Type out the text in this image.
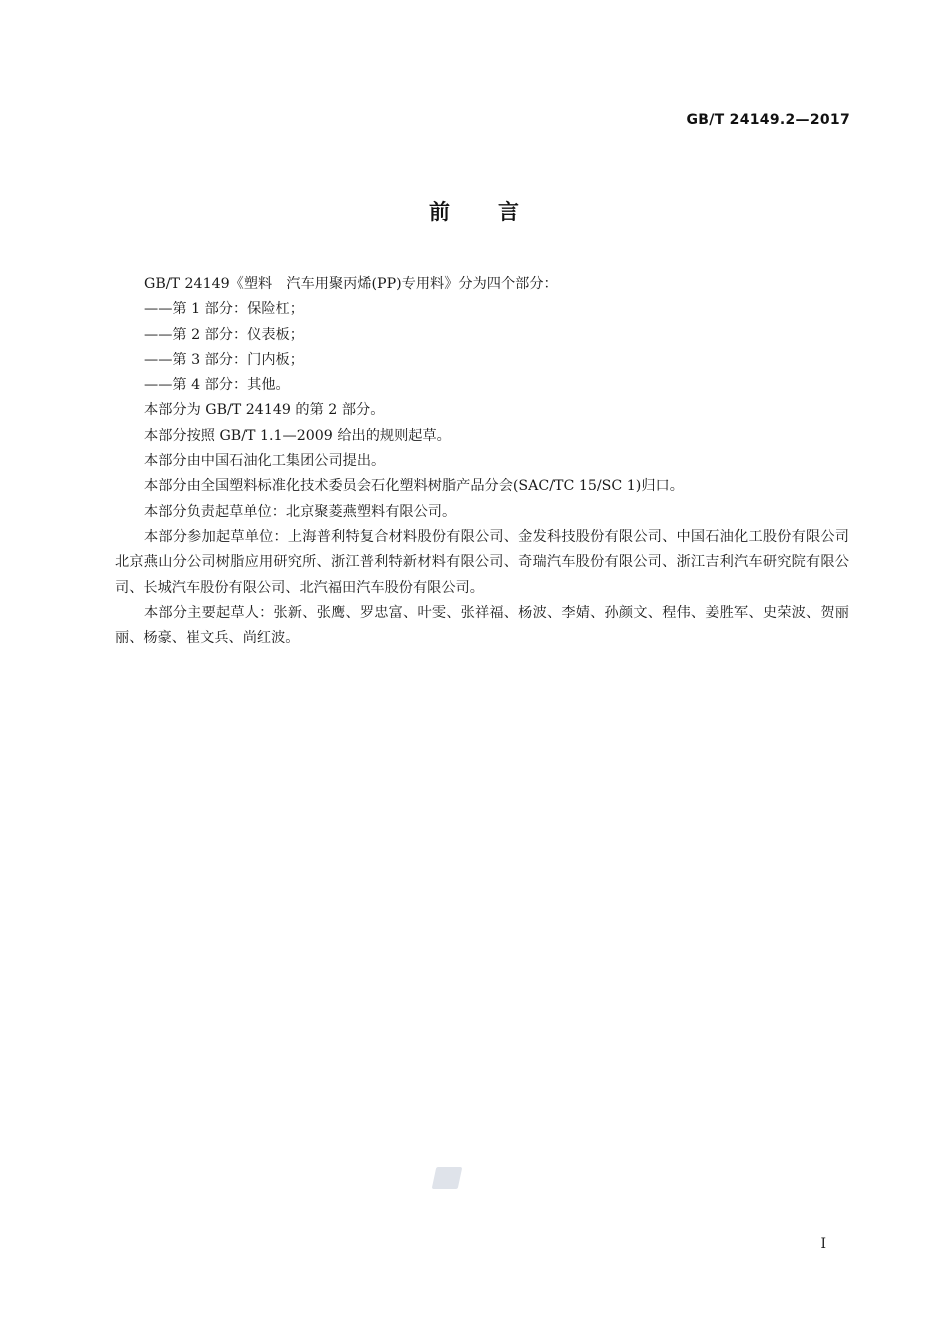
GB/T 24149.2—2017
前 言

GB/T 24149《塑料　汽车用聚丙烯(PP)专用料》分为四个部分：

——第 1 部分：保险杠；

——第 2 部分：仪表板；

——第 3 部分：门内板；

——第 4 部分：其他。

本部分为 GB/T 24149 的第 2 部分。

本部分按照 GB/T 1.1—2009 给出的规则起草。

本部分由中国石油化工集团公司提出。

本部分由全国塑料标准化技术委员会石化塑料树脂产品分会(SAC/TC 15/SC 1)归口。

本部分负责起草单位：北京聚菱燕塑料有限公司。

本部分参加起草单位：上海普利特复合材料股份有限公司、金发科技股份有限公司、中国石油化工股份有限公司北京燕山分公司树脂应用研究所、浙江普利特新材料有限公司、奇瑞汽车股份有限公司、浙江吉利汽车研究院有限公司、长城汽车股份有限公司、北汽福田汽车股份有限公司。

本部分主要起草人：张新、张鹰、罗忠富、叶雯、张祥福、杨波、李婧、孙颜文、程伟、姜胜军、史荣波、贺丽丽、杨豪、崔文兵、尚红波。

I
